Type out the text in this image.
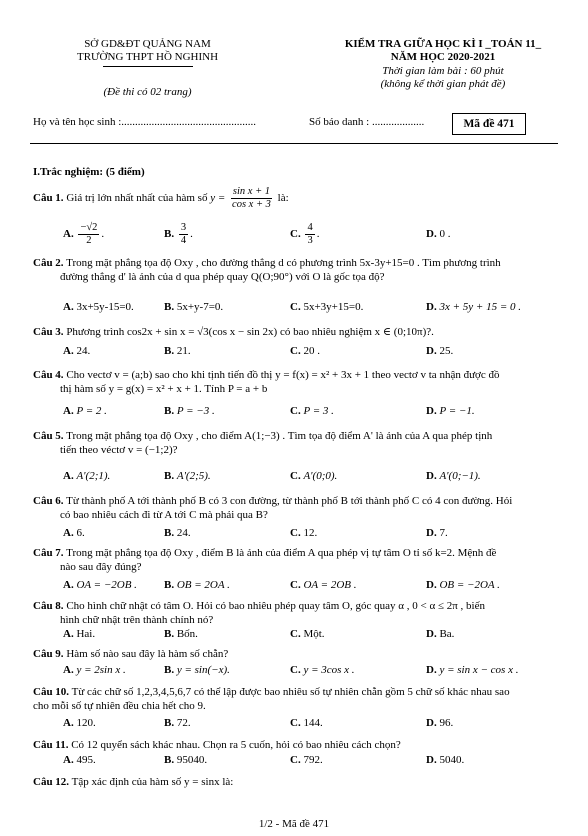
SỞ GD&ĐT QUẢNG NAM
TRƯỜNG THPT HỒ NGHINH
(Đề thi có 02 trang)
KIỂM TRA GIỮA HỌC KÌ I _TOÁN 11_
NĂM HỌC 2020-2021
Thời gian làm bài : 60 phút
(không kể thời gian phát đề)
Họ và tên học sinh :.................................................	Số báo danh : ...................	Mã đề 471
I.Trắc nghiệm: (5 điểm)
Câu 1. Giá trị lớn nhất nhất của hàm số $y = \frac{\text{sin x + 1}}{\text{cos x + 3}}$ là:
A. $\frac{-√2}{2}$ .	B. $\frac{3}{4}$ .	C. $\frac{4}{3}$ .	D. 0 .
Câu 2. Trong mặt phẳng tọa độ Oxy , cho đường thẳng d có phương trình 5x-3y+15=0 . Tìm phương trình
đường thẳng d' là ảnh của d qua phép quay Q(O;90°) với O là gốc tọa độ?
A. 3x+5y-15=0.	B. 5x+y-7=0.	C. 5x+3y+15=0.	D. 3x + 5y + 15 = 0 .
Câu 3. Phương trình cos2x + sin x = √3(cos x − sin 2x) có bao nhiêu nghiệm x ∈ (0;10π)?.
A. 24.	B. 21.	C. 20 .	D. 25.
Câu 4. Cho vectơ v = (a;b) sao cho khi tịnh tiến đồ thị y = f(x) = x² + 3x + 1 theo vectơ v ta nhận được đồ
thị hàm số y = g(x) = x² + x + 1. Tính P = a + b
A. P = 2 .	B. P = −3 .	C. P = 3 .	D. P = −1.
Câu 5. Trong mặt phẳng tọa độ Oxy , cho điểm A(1;−3) . Tìm tọa độ điểm A' là ảnh của A qua phép tịnh
tiến theo véctơ v = (−1;2)?
A. A'(2;1).	B. A'(2;5).	C. A'(0;0).	D. A'(0;−1).
Câu 6. Từ thành phố A tới thành phố B có 3 con đường, từ thành phố B tới thành phố C có 4 con đường. Hỏi
có bao nhiêu cách đi từ A tới C mà phải qua B?
A. 6.	B. 24.	C. 12.	D. 7.
Câu 7. Trong mặt phẳng tọa độ Oxy , điểm B là ảnh của điểm A qua phép vị tự tâm O tỉ số k=2. Mệnh đề
nào sau đây đúng?
A. OA = −2OB . B. OB = 2OA .	C. OA = 2OB .	D. OB = −2OA .
Câu 8. Cho hình chữ nhật có tâm O. Hỏi có bao nhiêu phép quay tâm O, góc quay α , 0 < α ≤ 2π , biến
hình chữ nhật trên thành chính nó?
A. Hai.	B. Bốn.	C. Một.	D. Ba.
Câu 9. Hàm số nào sau đây là hàm số chẵn?
A. y = 2sin x .	B. y = sin(−x).	C. y = 3cos x .	D. y = sin x − cos x .
Câu 10. Từ các chữ số 1,2,3,4,5,6,7 có thể lập được bao nhiêu số tự nhiên chẵn gồm 5 chữ số khác nhau sao
cho mỗi số tự nhiên đều chia hết cho 9.
A. 120.	B. 72.	C. 144.	D. 96.
Câu 11. Có 12 quyển sách khác nhau. Chọn ra 5 cuốn, hỏi có bao nhiêu cách chọn?
A. 495.	B. 95040.	C. 792.	D. 5040.
Câu 12. Tập xác định của hàm số y = sinx là:
1/2 - Mã đề 471
